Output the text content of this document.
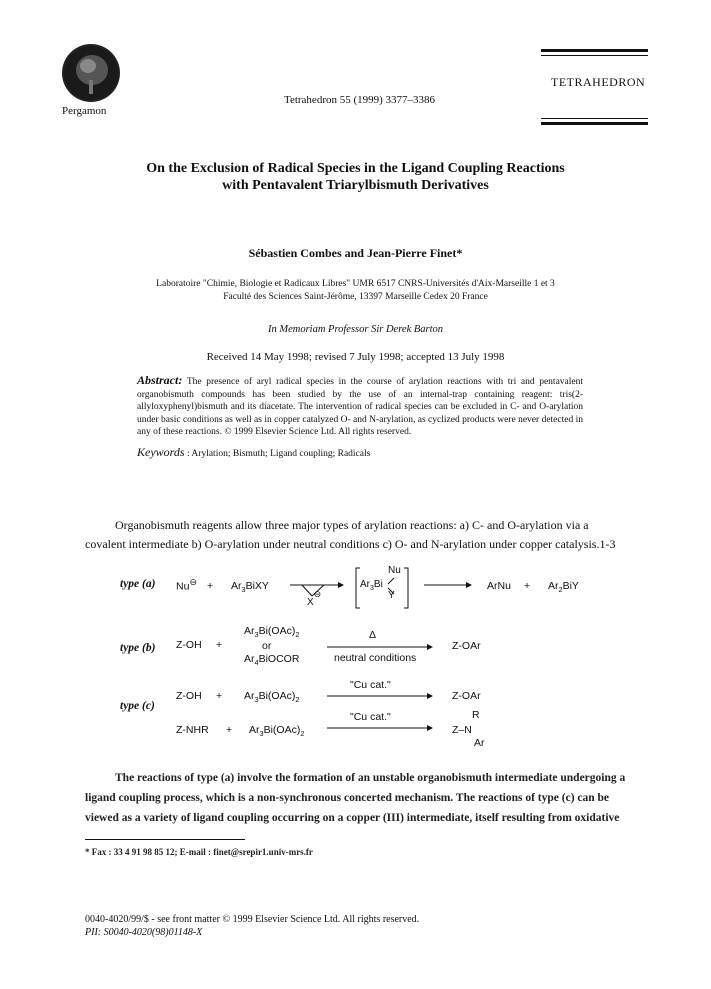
Pergamon
Tetrahedron 55 (1999) 3377–3386
TETRAHEDRON
On the Exclusion of Radical Species in the Ligand Coupling Reactions
with Pentavalent Triarylbismuth Derivatives
Sébastien Combes and Jean-Pierre Finet*
Laboratoire "Chimie, Biologie et Radicaux Libres" UMR 6517 CNRS-Universités d'Aix-Marseille 1 et 3
Faculté des Sciences Saint-Jérôme, 13397 Marseille Cedex 20 France
In Memoriam Professor Sir Derek Barton
Received 14 May 1998; revised 7 July 1998; accepted 13 July 1998
Abstract: The presence of aryl radical species in the course of arylation reactions with tri and pentavalent organobismuth compounds has been studied by the use of an internal-trap containing reagent: tris(2-allyloxyphenyl)bismuth and its diacetate. The intervention of radical species can be excluded in C- and O-arylation under basic conditions as well as in copper catalyzed O- and N-arylation, as cyclized products were never detected in any of these reactions. © 1999 Elsevier Science Ltd. All rights reserved.
Keywords : Arylation; Bismuth; Ligand coupling; Radicals
Organobismuth reagents allow three major types of arylation reactions: a) C- and O-arylation via a
covalent intermediate b) O-arylation under neutral conditions c) O- and N-arylation under copper catalysis.1-3
type (a) Nu⊖ + $Ar_3BiXY$
X⊖
Nu
$Ar_3Bi$
Y
ArNu + $Ar_2BiY$
type (b) Z-OH +
$Ar_3Bi(OAc)_2$
or
$Ar_4BiOCOR$
Δ
neutral conditions
Z-OAr
type (c)
$Z-OH + Ar_3Bi(OAc)_2$
"Cu cat."
Z-OAr
$Z-NHR + Ar_3Bi(OAc)_2$
"Cu cat."	R
Z–N
Ar
The reactions of type (a) involve the formation of an unstable organobismuth intermediate undergoing a
ligand coupling process, which is a non-synchronous concerted mechanism. The reactions of type (c) can be
viewed as a variety of ligand coupling occurring on a copper (III) intermediate, itself resulting from oxidative
* Fax : 33 4 91 98 85 12; E-mail : finet@srepir1.univ-mrs.fr
0040-4020/99/$ - see front matter © 1999 Elsevier Science Ltd. All rights reserved.
PII: S0040-4020(98)01148-X
